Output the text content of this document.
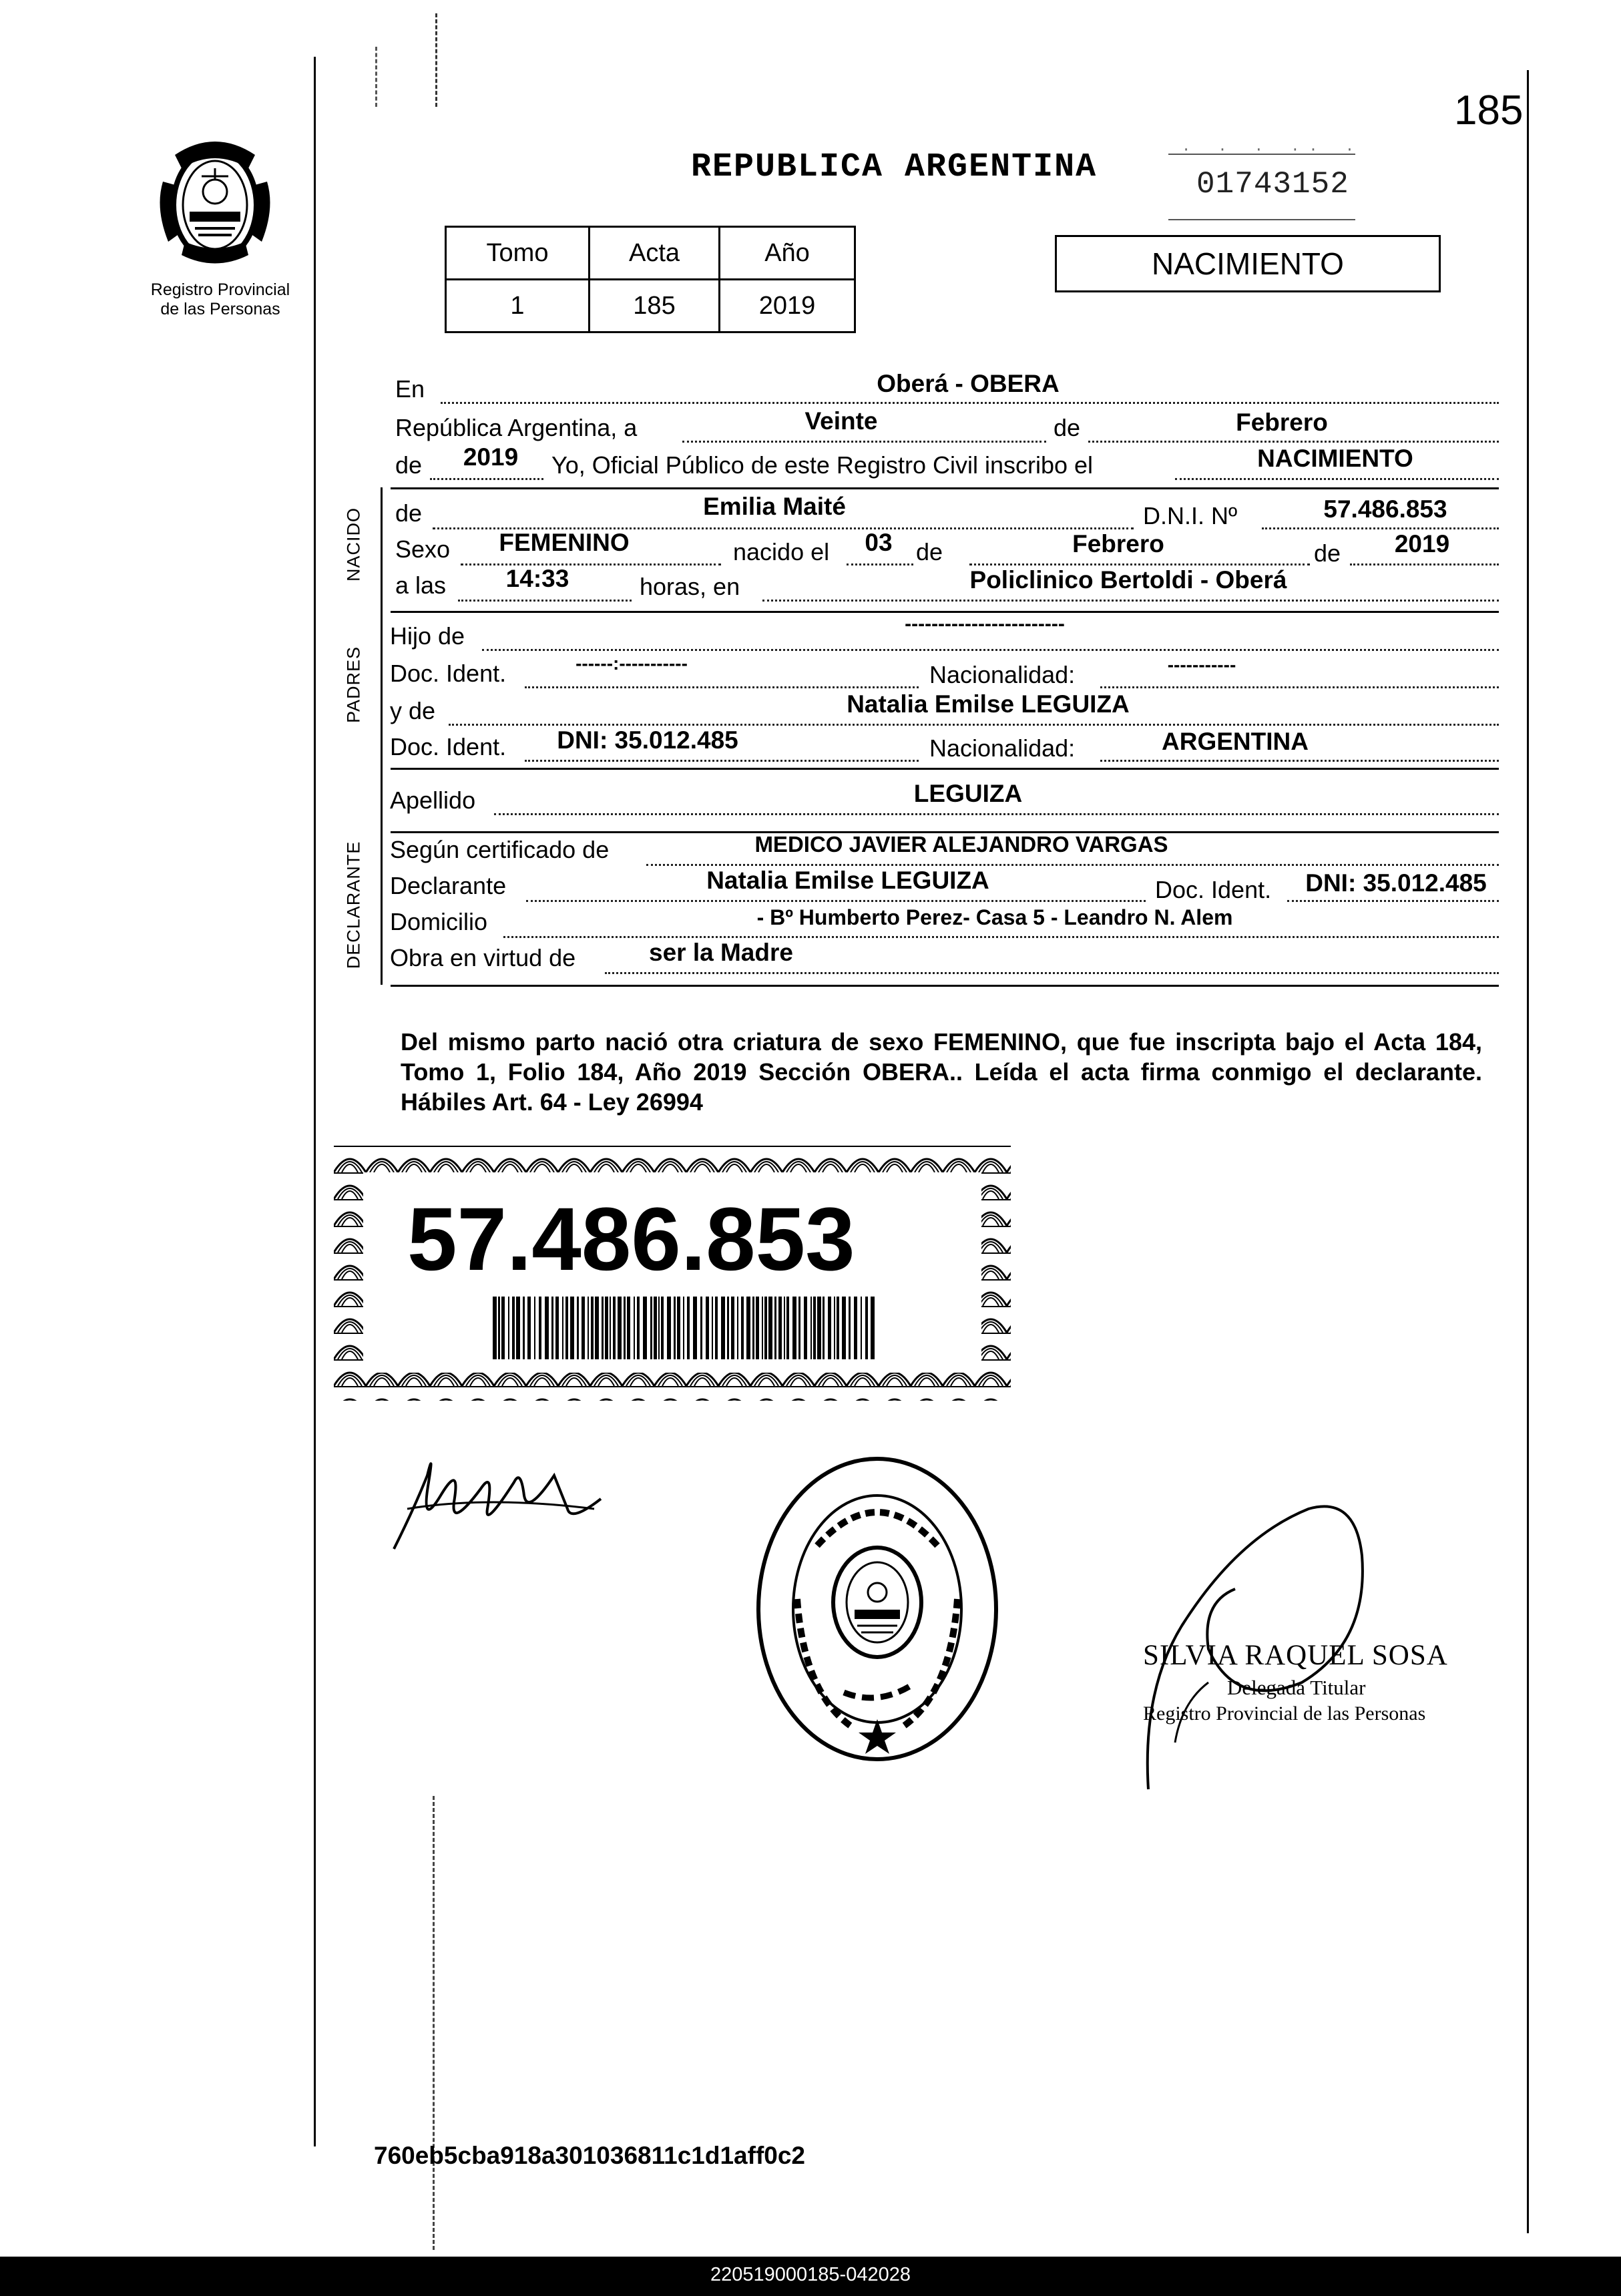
185
REPUBLICA ARGENTINA	· · · ·· ·
01743152
Tomo	Acta	Año
1	185	2019
NACIMIENTO
Registro Provincial
de las Personas
NACIDO
PADRES
DECLARANTE
En	Oberá - OBERA
República Argentina, a	Veinte	de	Febrero
de	2019	Yo, Oficial Público de este Registro Civil inscribo el	NACIMIENTO
de	Emilia Maité	D.N.I. Nº	57.486.853
Sexo	FEMENINO	nacido el	03 de	Febrero	de	2019
a las	14:33	horas, en	Policlinico Bertoldi - Oberá
Hijo de	------------------------
Doc. Ident.	------:-----------	Nacionalidad:	-----------
y de	Natalia Emilse LEGUIZA
Doc. Ident.	DNI: 35.012.485	Nacionalidad:	ARGENTINA
Apellido	LEGUIZA
Según certificado de	MEDICO JAVIER ALEJANDRO VARGAS
Declarante	Natalia Emilse LEGUIZA	Doc. Ident.	DNI: 35.012.485
Domicilio	- Bº Humberto Perez- Casa 5 - Leandro N. Alem
Obra en virtud de	ser la Madre
Del mismo parto nació otra criatura de sexo FEMENINO, que fue inscripta bajo el Acta 184, Tomo 1, Folio 184, Año 2019 Sección OBERA.. Leída el acta firma conmigo el declarante. Hábiles Art. 64 - Ley 26994
57.486.853
SILVIA RAQUEL SOSA
Delegada Titular
Registro Provincial de las Personas
760eb5cba918a301036811c1d1aff0c2
220519000185-042028
